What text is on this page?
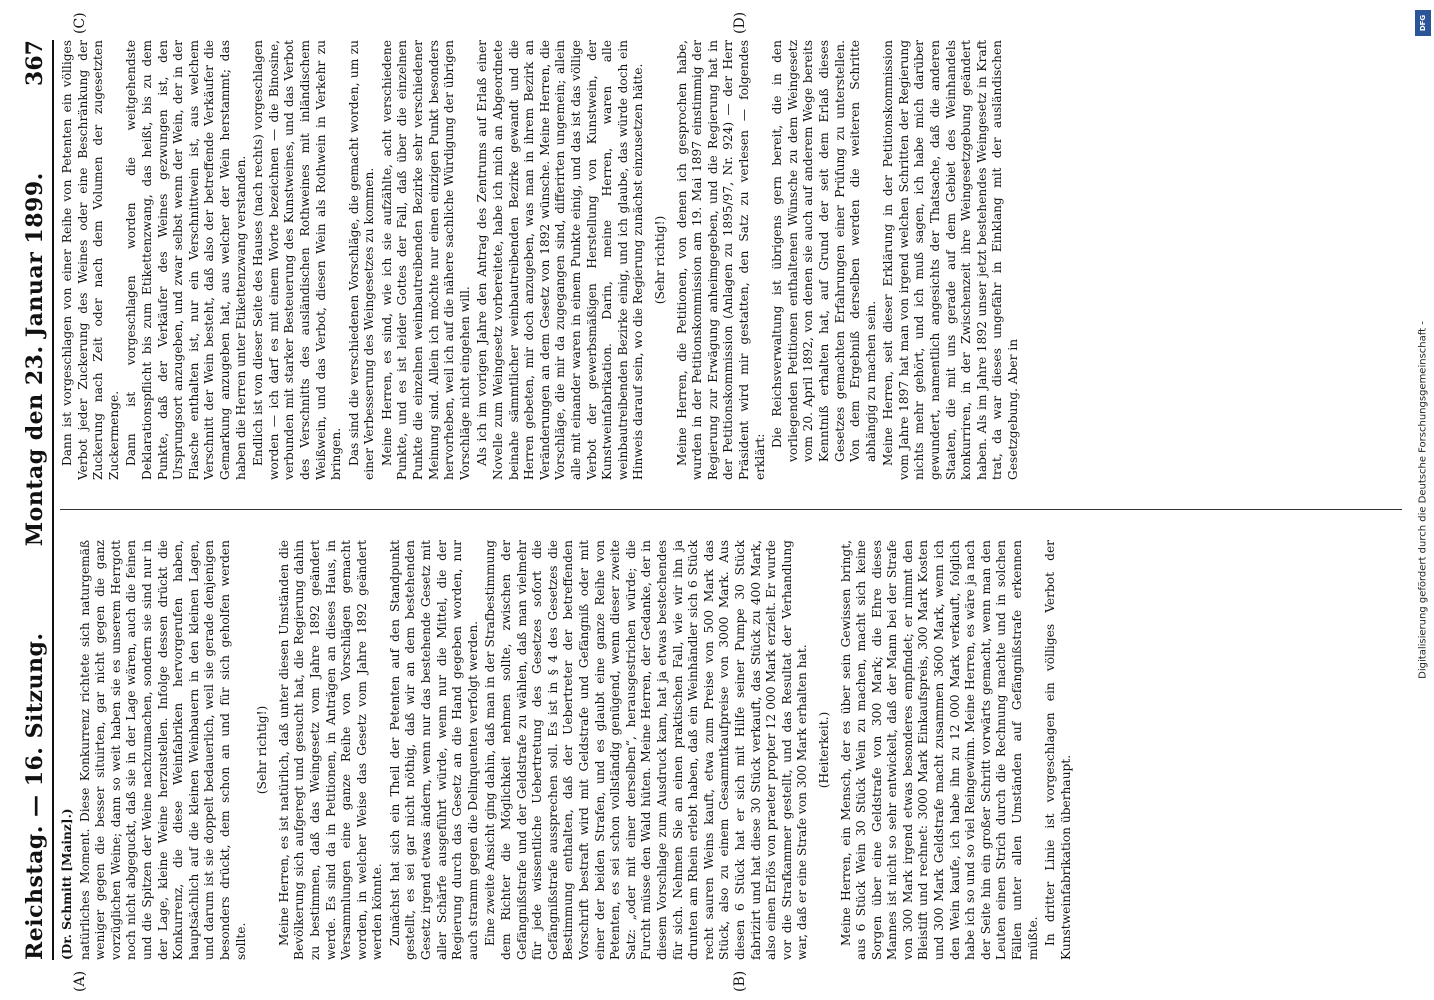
Reichstag. — 16. Sitzung.
Montag den 23. Januar 1899.
367
(A)	(B)
(C)	(D)

(Dr. Schmitt [Mainz].) natürliches Moment. Diese Konkurrenz richtete sich naturgemäß weniger gegen die besser situirten, gar nicht gegen die ganz vorzüglichen Weine; dann so weit haben sie es unserem Herrgott noch nicht abgeguckt, daß sie in der Lage wären, auch die feinen und die Spitzen der Weine nachzumachen, sondern sie sind nur in der Lage, kleine Weine herzustellen. Infolge dessen drückt die Konkurrenz, die diese Weinfabriken hervorgerufen haben, hauptsächlich auf die kleinen Weinbauern in den kleinen Lagen, und darum ist sie doppelt bedauerlich, weil sie gerade denjenigen besonders drückt, dem schon an und für sich geholfen werden sollte.

(Sehr richtig!) Meine Herren, es ist natürlich, daß unter diesen Umständen die Bevölkerung sich aufgeregt und gesucht hat, die Regierung dahin zu bestimmen, daß das Weingesetz vom Jahre 1892 geändert werde. Es sind da in Petitionen, in Anträgen an dieses Haus, in Versammlungen eine ganze Reihe von Vorschlägen gemacht worden, in welcher Weise das Gesetz vom Jahre 1892 geändert werden könnte. Zunächst hat sich ein Theil der Petenten auf den Standpunkt gestellt, es sei gar nicht nöthig, daß wir an dem bestehenden Gesetz irgend etwas ändern, wenn nur das bestehende Gesetz mit aller Schärfe ausgeführt würde, wenn nur die Mittel, die der Regierung durch das Gesetz an die Hand gegeben worden, nur auch stramm gegen die Delinquenten verfolgt werden. Eine zweite Ansicht ging dahin, daß man in der Strafbestimmung dem Richter die Möglichkeit nehmen sollte, zwischen der Gefängnißstrafe und der Geldstrafe zu wählen, daß man vielmehr für jede wissentliche Uebertretung des Gesetzes sofort die Gefängnißstrafe aussprechen soll. Es ist in § 4 des Gesetzes die Bestimmung enthalten, daß der Uebertreter der betreffenden Vorschrift bestraft wird mit Geldstrafe und Gefängniß oder mit einer der beiden Strafen, und es glaubt eine ganze Reihe von Petenten, es sei schon vollständig genügend, wenn dieser zweite Satz: „oder mit einer derselben“, herausgestrichen würde; die Furcht müsse den Wald hüten. Meine Herren, der Gedanke, der in diesem Vorschlage zum Ausdruck kam, hat ja etwas bestechendes für sich. Nehmen Sie an einen praktischen Fall, wie wir ihn ja drunten am Rhein erlebt haben, daß ein Weinhändler sich 6 Stück recht sauren Weins kauft, etwa zum Preise von 500 Mark das Stück, also zu einem Gesammtkaufpreise von 3000 Mark. Aus diesen 6 Stück hat er sich mit Hilfe seiner Pumpe 30 Stück fabrizirt und hat diese 30 Stück verkauft, das Stück zu 400 Mark, also einen Erlös von praeter propter 12 000 Mark erzielt. Er wurde vor die Strafkammer gestellt, und das Resultat der Verhandlung war, daß er eine Strafe von 300 Mark erhalten hat. (Heiterkeit.) Meine Herren, ein Mensch, der es über sein Gewissen bringt, aus 6 Stück Wein 30 Stück Wein zu machen, macht sich keine Sorgen über eine Geldstrafe von 300 Mark; die Ehre dieses Mannes ist nicht so sehr entwickelt, daß der Mann bei der Strafe von 300 Mark irgend etwas besonderes empfindet; er nimmt den Bleistift und rechnet: 3000 Mark Einkaufspreis, 300 Mark Kosten und 300 Mark Geldstrafe macht zusammen 3600 Mark, wenn ich den Wein kaufe, ich habe ihn zu 12 000 Mark verkauft, folglich habe ich so und so viel Reingewinn. Meine Herren, es wäre ja nach der Seite hin ein großer Schritt vorwärts gemacht, wenn man den Leuten einen Strich durch die Rechnung machte und in solchen Fällen unter allen Umständen auf Gefängnißstrafe erkennen müßte. In dritter Linie ist vorgeschlagen ein völliges Verbot der Kunstweinfabrikation überhaupt.

Dann ist vorgeschlagen von einer Reihe von Petenten ein völliges Verbot jeder Zuckerung des Weines oder eine Beschränkung der Zuckerung nach Zeit oder nach dem Volumen der zugesetzten Zuckermenge. Dann ist vorgeschlagen worden die weitgehendste Deklarationspflicht bis zum Etikettenzwang, das heißt, bis zu dem Punkte, daß der Verkäufer des Weines gezwungen ist, den Ursprungsort anzugeben, und zwar selbst wenn der Wein, der in der Flasche enthalten ist, nur ein Verschnittwein ist, aus welchem Verschnitt der Wein besteht, daß also der betreffende Verkäufer die Gemarkung anzugeben hat, aus welcher der Wein herstammt; das haben die Herren unter Etikettenzwang verstanden. Endlich ist von dieser Seite des Hauses (nach rechts) vorgeschlagen worden — ich darf es mit einem Worte bezeichnen — die Binosine, verbunden mit starker Besteuerung des Kunstweines, und das Verbot des Verschnitts des ausländischen Rothweines mit inländischem Weißwein, und das Verbot, diesen Wein als Rothwein in Verkehr zu bringen. Das sind die verschiedenen Vorschläge, die gemacht worden, um zu einer Verbesserung des Weingesetzes zu kommen. Meine Herren, es sind, wie ich sie aufzählte, acht verschiedene Punkte, und es ist leider Gottes der Fall, daß über die einzelnen Punkte die einzelnen weinbautreibenden Bezirke sehr verschiedener Meinung sind. Allein ich möchte nur einen einzigen Punkt besonders hervorheben, weil ich auf die nähere sachliche Würdigung der übrigen Vorschläge nicht eingehen will. Als ich im vorigen Jahre den Antrag des Zentrums auf Erlaß einer Novelle zum Weingesetz vorbereitete, habe ich mich an Abgeordnete beinahe sämmtlicher weinbautreibenden Bezirke gewandt und die Herren gebeten, mir doch anzugeben, was man in ihrem Bezirk an Veränderungen an dem Gesetz von 1892 wünsche. Meine Herren, die Vorschläge, die mir da zugegangen sind, differirten ungemein; allein alle mit einander waren in einem Punkte einig, und das ist das völlige Verbot der gewerbsmäßigen Herstellung von Kunstwein, der Kunstweinfabrikation. Darin, meine Herren, waren alle weinbautreibenden Bezirke einig, und ich glaube, das würde doch ein Hinweis darauf sein, wo die Regierung zunächst einzusetzen hätte. (Sehr richtig!) Meine Herren, die Petitionen, von denen ich gesprochen habe, wurden in der Petitionskommission am 19. Mai 1897 einstimmig der Regierung zur Erwägung anheimgegeben, und die Regierung hat in der Petitionskommission (Anlagen zu 1895/97, Nr. 924) — der Herr Präsident wird mir gestatten, den Satz zu verlesen — folgendes erklärt:

Die Reichsverwaltung ist übrigens gern bereit, die in den vorliegenden Petitionen enthaltenen Wünsche zu dem Weingesetz vom 20. April 1892, von denen sie auch auf anderem Wege bereits Kenntniß erhalten hat, auf Grund der seit dem Erlaß dieses Gesetzes gemachten Erfahrungen einer Prüfung zu unterstellen. Von dem Ergebniß derselben werden die weiteren Schritte abhängig zu machen sein. Meine Herren, seit dieser Erklärung in der Petitionskommission vom Jahre 1897 hat man von irgend welchen Schritten der Regierung nichts mehr gehört, und ich muß sagen, ich habe mich darüber gewundert, namentlich angesichts der Thatsache, daß die anderen Staaten, die mit uns gerade auf dem Gebiet des Weinhandels konkurriren, in der Zwischenzeit ihre Weingesetzgebung geändert haben. Als im Jahre 1892 unser jetzt bestehendes Weingesetz in Kraft trat, da war dieses ungefähr in Einklang mit der ausländischen Gesetzgebung. Aber in

DFG
Digitalisierung gefördert durch die Deutsche Forschungsgemeinschaft -
